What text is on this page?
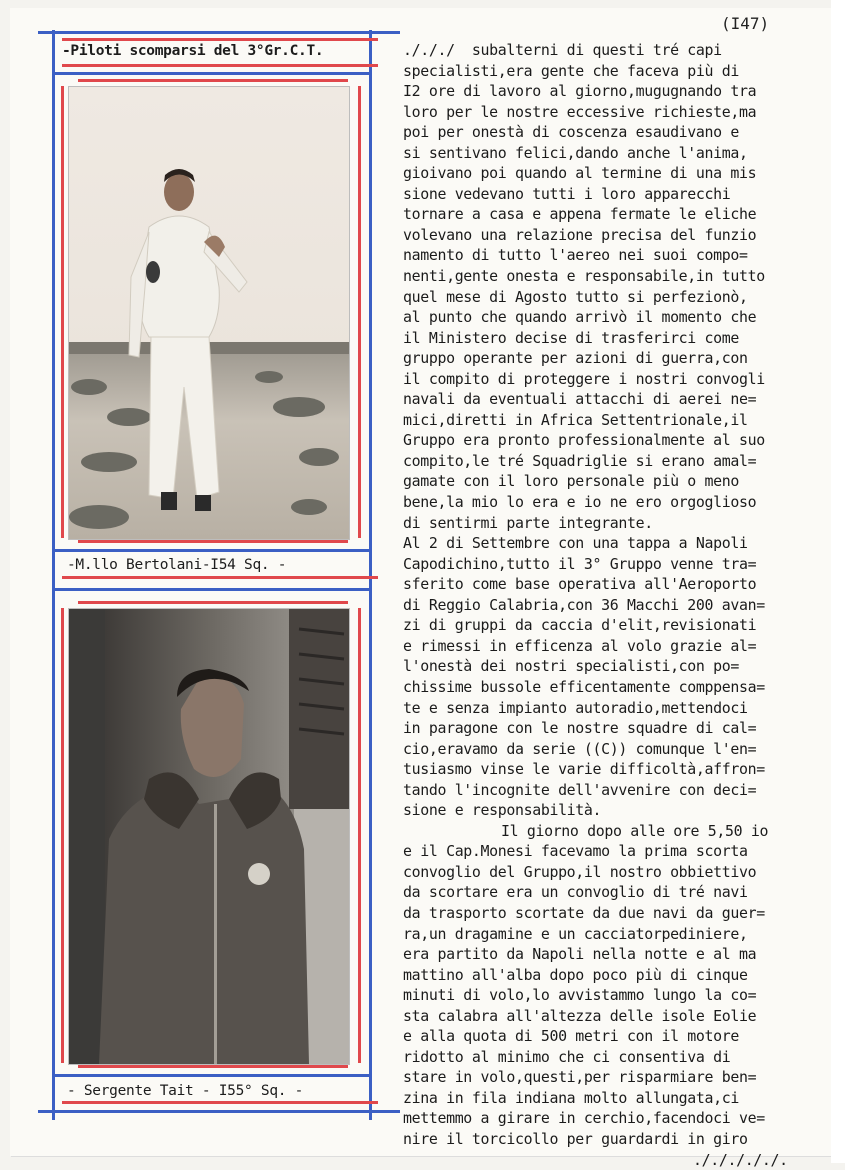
(I47)
-Piloti scomparsi del 3°Gr.C.T.
-M.llo Bertolani-I54 Sq. -
- Sergente Tait - I55° Sq. -
./././  subalterni di questi tré capi
specialisti,era gente che faceva più di
I2 ore di lavoro al giorno,mugugnando tra
loro per le nostre eccessive richieste,ma
poi per onestà di coscenza esaudivano e
si sentivano felici,dando anche l'anima,
gioivano poi quando al termine di una mis
sione vedevano tutti i loro apparecchi
tornare a casa e appena fermate le eliche
volevano una relazione precisa del funzio
namento di tutto l'aereo nei suoi compo=
nenti,gente onesta e responsabile,in tutto
quel mese di Agosto tutto si perfezionò,
al punto che quando arrivò il momento che
il Ministero decise di trasferirci come
gruppo operante per azioni di guerra,con
il compito di proteggere i nostri convogli
navali da eventuali attacchi di aerei ne=
mici,diretti in Africa Settentrionale,il
Gruppo era pronto professionalmente al suo
compito,le tré Squadriglie si erano amal=
gamate con il loro personale più o meno
bene,la mio lo era e io ne ero orgoglioso
di sentirmi parte integrante.
Al 2 di Settembre con una tappa a Napoli
Capodichino,tutto il 3° Gruppo venne tra=
sferito come base operativa all'Aeroporto
di Reggio Calabria,con 36 Macchi 200 avan=
zi di gruppi da caccia d'elit,revisionati
e rimessi in efficenza al volo grazie al=
l'onestà dei nostri specialisti,con po=
chissime bussole efficentamente comppensa=
te e senza impianto autoradio,mettendoci
in paragone con le nostre squadre di cal=
cio,eravamo da serie ((C)) comunque l'en=
tusiasmo vinse le varie difficoltà,affron=
tando l'incognite dell'avvenire con deci=
sione e responsabilità.
Il giorno dopo alle ore 5,50 io
e il Cap.Monesi facevamo la prima scorta
convoglio del Gruppo,il nostro obbiettivo
da scortare era un convoglio di tré navi
da trasporto scortate da due navi da guer=
ra,un dragamine e un cacciatorpediniere,
era partito da Napoli nella notte e al ma
mattino all'alba dopo poco più di cinque
minuti di volo,lo avvistammo lungo la co=
sta calabra all'altezza delle isole Eolie
e alla quota di 500 metri con il motore
ridotto al minimo che ci consentiva di
stare in volo,questi,per risparmiare ben=
zina in fila indiana molto allungata,ci
mettemmo a girare in cerchio,facendoci ve=
nire il torcicollo per guardardi in giro
./././././.
